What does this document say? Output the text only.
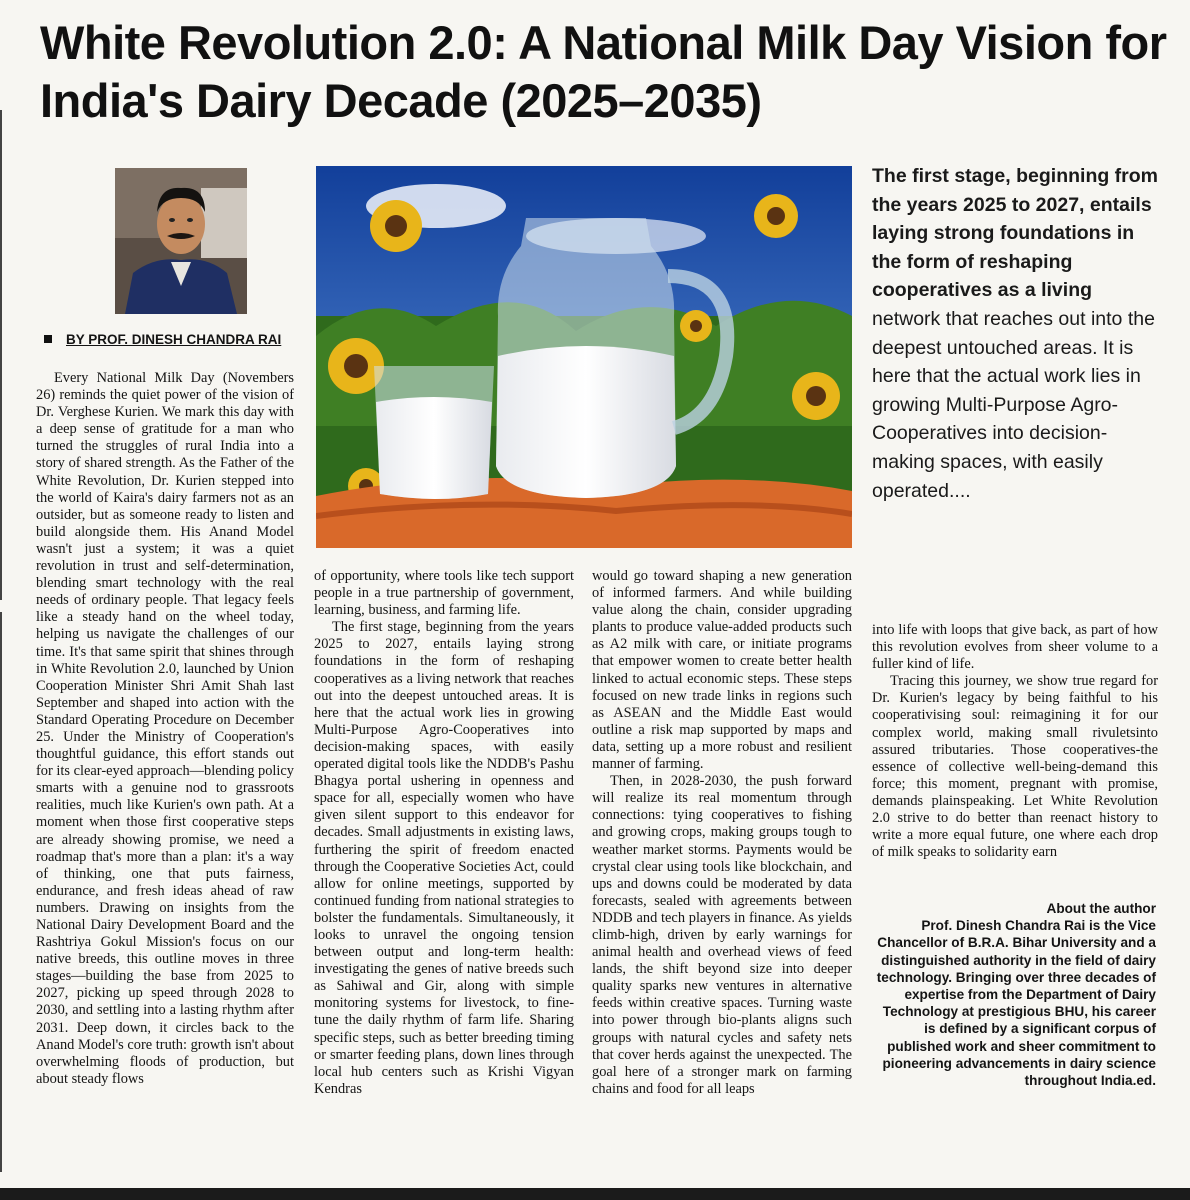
White Revolution 2.0: A National Milk Day Vision for India's Dairy Decade (2025–2035)
BY PROF. DINESH CHANDRA RAI

Every National Milk Day (Novembers 26) reminds the quiet power of the vision of Dr. Verghese Kurien. We mark this day with a deep sense of gratitude for a man who turned the struggles of rural India into a story of shared strength. As the Father of the White Revolution, Dr. Kurien stepped into the world of Kaira's dairy farmers not as an outsider, but as someone ready to listen and build alongside them. His Anand Model wasn't just a system; it was a quiet revolution in trust and self-determination, blending smart technology with the real needs of ordinary people. That legacy feels like a steady hand on the wheel today, helping us navigate the challenges of our time. It's that same spirit that shines through in White Revolution 2.0, launched by Union Cooperation Minister Shri Amit Shah last September and shaped into action with the Standard Operating Procedure on December 25. Under the Ministry of Cooperation's thoughtful guidance, this effort stands out for its clear-eyed approach—blending policy smarts with a genuine nod to grassroots realities, much like Kurien's own path. At a moment when those first cooperative steps are already showing promise, we need a roadmap that's more than a plan: it's a way of thinking, one that puts fairness, endurance, and fresh ideas ahead of raw numbers. Drawing on insights from the National Dairy Development Board and the Rashtriya Gokul Mission's focus on our native breeds, this outline moves in three stages—building the base from 2025 to 2027, picking up speed through 2028 to 2030, and settling into a lasting rhythm after 2031. Deep down, it circles back to the Anand Model's core truth: growth isn't about overwhelming floods of production, but about steady flows

of opportunity, where tools like tech support people in a true partnership of government, learning, business, and farming life.

The first stage, beginning from the years 2025 to 2027, entails laying strong foundations in the form of reshaping cooperatives as a living network that reaches out into the deepest untouched areas. It is here that the actual work lies in growing Multi-Purpose Agro-Cooperatives into decision-making spaces, with easily operated digital tools like the NDDB's Pashu Bhagya portal ushering in openness and space for all, especially women who have given silent support to this endeavor for decades. Small adjustments in existing laws, furthering the spirit of freedom enacted through the Cooperative Societies Act, could allow for online meetings, supported by continued funding from national strategies to bolster the fundamentals. Simultaneously, it looks to unravel the ongoing tension between output and long-term health: investigating the genes of native breeds such as Sahiwal and Gir, along with simple monitoring systems for livestock, to fine-tune the daily rhythm of farm life. Sharing specific steps, such as better breeding timing or smarter feeding plans, down lines through local hub centers such as Krishi Vigyan Kendras

would go toward shaping a new generation of informed farmers. And while building value along the chain, consider upgrading plants to produce value-added products such as A2 milk with care, or initiate programs that empower women to create better health linked to actual economic steps. These steps focused on new trade links in regions such as ASEAN and the Middle East would outline a risk map supported by maps and data, setting up a more robust and resilient manner of farming.

Then, in 2028-2030, the push forward will realize its real momentum through connections: tying cooperatives to fishing and growing crops, making groups tough to weather market storms. Payments would be crystal clear using tools like blockchain, and ups and downs could be moderated by data forecasts, sealed with agreements between NDDB and tech players in finance. As yields climb-high, driven by early warnings for animal health and overhead views of feed lands, the shift beyond size into deeper quality sparks new ventures in alternative feeds within creative spaces. Turning waste into power through bio-plants aligns such groups with natural cycles and safety nets that cover herds against the unexpected. The goal here of a stronger mark on farming chains and food for all leaps

The first stage, beginning from the years 2025 to 2027, entails laying strong foundations in the form of reshaping cooperatives as a living network that reaches out into the deepest untouched areas. It is here that the actual work lies in growing Multi-Purpose Agro-Cooperatives into decision-making spaces, with easily operated....

into life with loops that give back, as part of how this revolution evolves from sheer volume to a fuller kind of life.

Tracing this journey, we show true regard for Dr. Kurien's legacy by being faithful to his cooperativising soul: reimagining it for our complex world, making small rivuletsinto assured tributaries. Those cooperatives-the essence of collective well-being-demand this force; this moment, pregnant with promise, demands plainspeaking. Let White Revolution 2.0 strive to do better than reenact history to write a more equal future, one where each drop of milk speaks to solidarity earn

About the author
Prof. Dinesh Chandra Rai is the Vice Chancellor of B.R.A. Bihar University and a distinguished authority in the field of dairy technology. Bringing over three decades of expertise from the Department of Dairy Technology at prestigious BHU, his career is defined by a significant corpus of published work and sheer commitment to pioneering advancements in dairy science throughout India.ed.
